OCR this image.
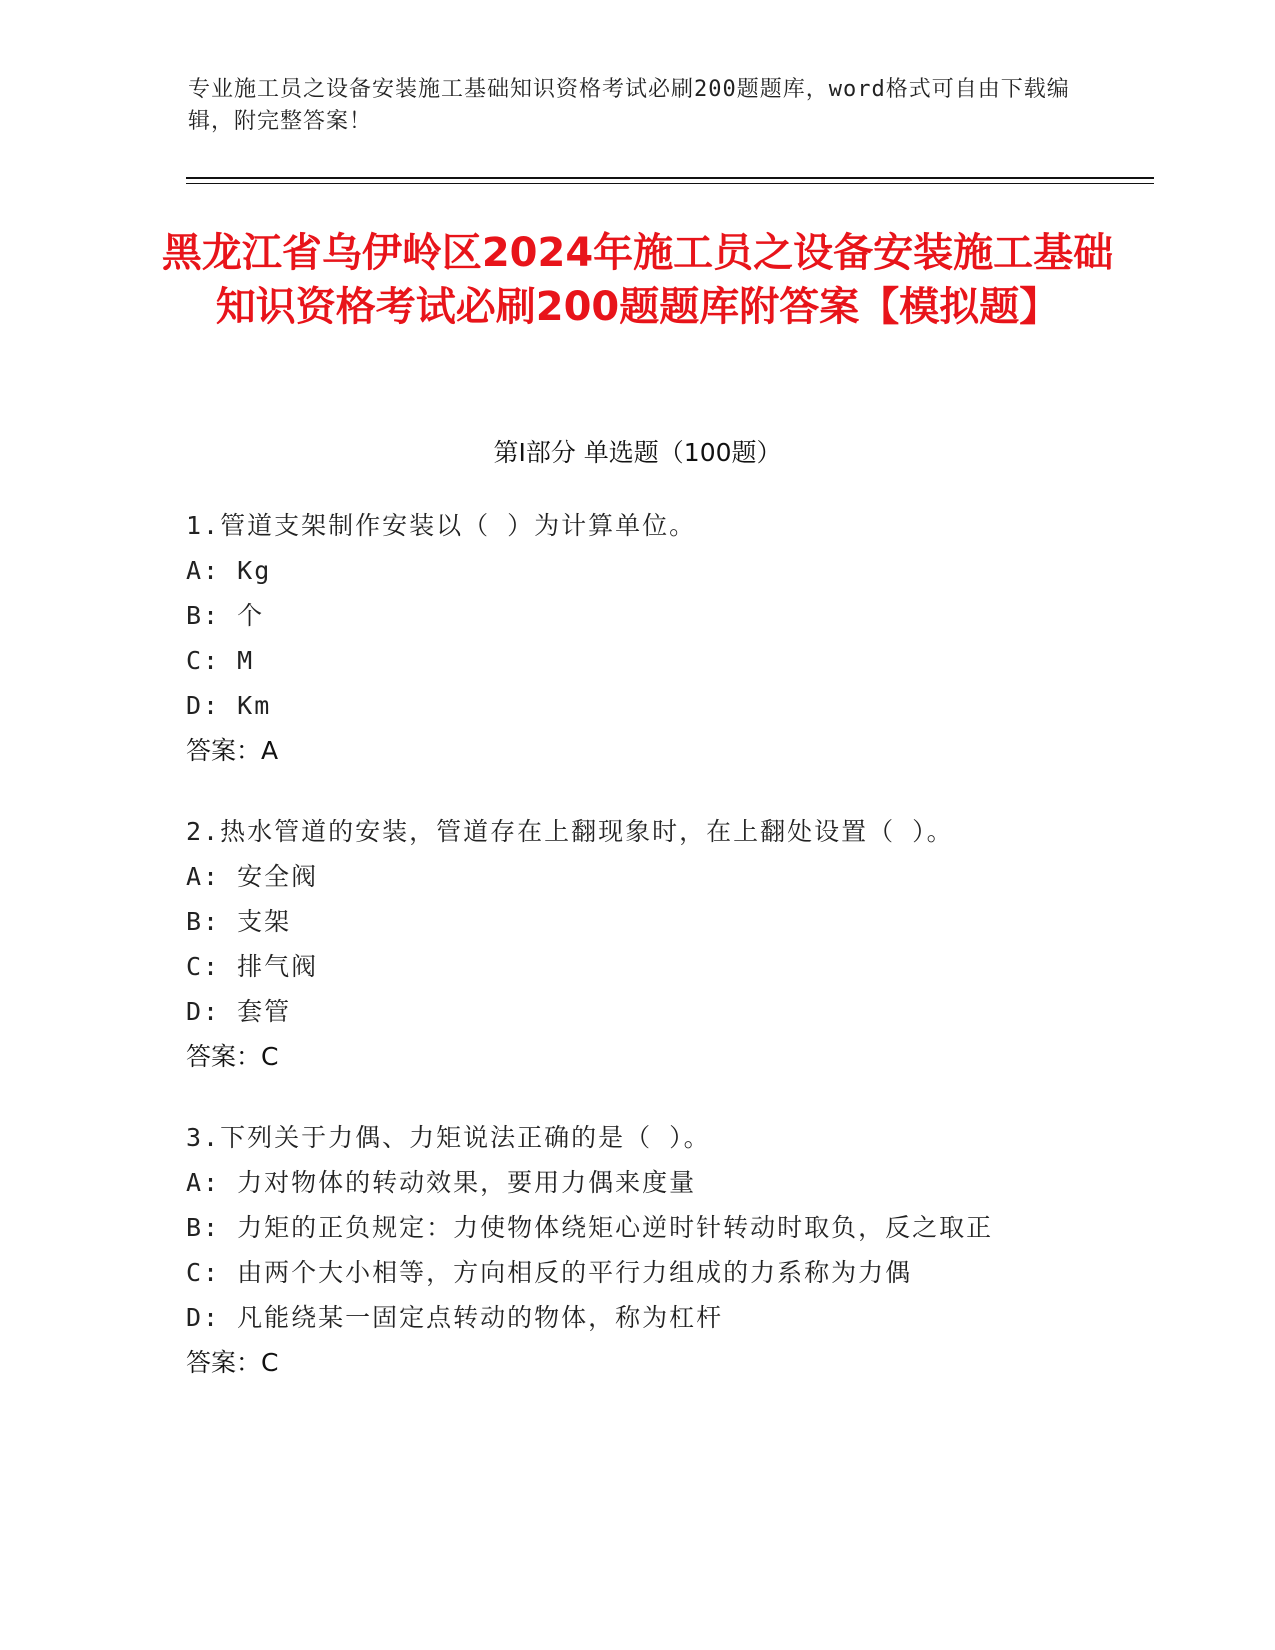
专业施工员之设备安装施工基础知识资格考试必刷200题题库，word格式可自由下载编辑，附完整答案！
黑龙江省乌伊岭区2024年施工员之设备安装施工基础知识资格考试必刷200题题库附答案【模拟题】
第Ⅰ部分 单选题（100题）
1.管道支架制作安装以（ ）为计算单位。
A: Kg
B: 个
C: M
D: Km
答案：A
2.热水管道的安装，管道存在上翻现象时，在上翻处设置（ ）。
A: 安全阀
B: 支架
C: 排气阀
D: 套管
答案：C
3.下列关于力偶、力矩说法正确的是（ ）。
A: 力对物体的转动效果，要用力偶来度量
B: 力矩的正负规定：力使物体绕矩心逆时针转动时取负，反之取正
C: 由两个大小相等，方向相反的平行力组成的力系称为力偶
D: 凡能绕某一固定点转动的物体，称为杠杆
答案：C
